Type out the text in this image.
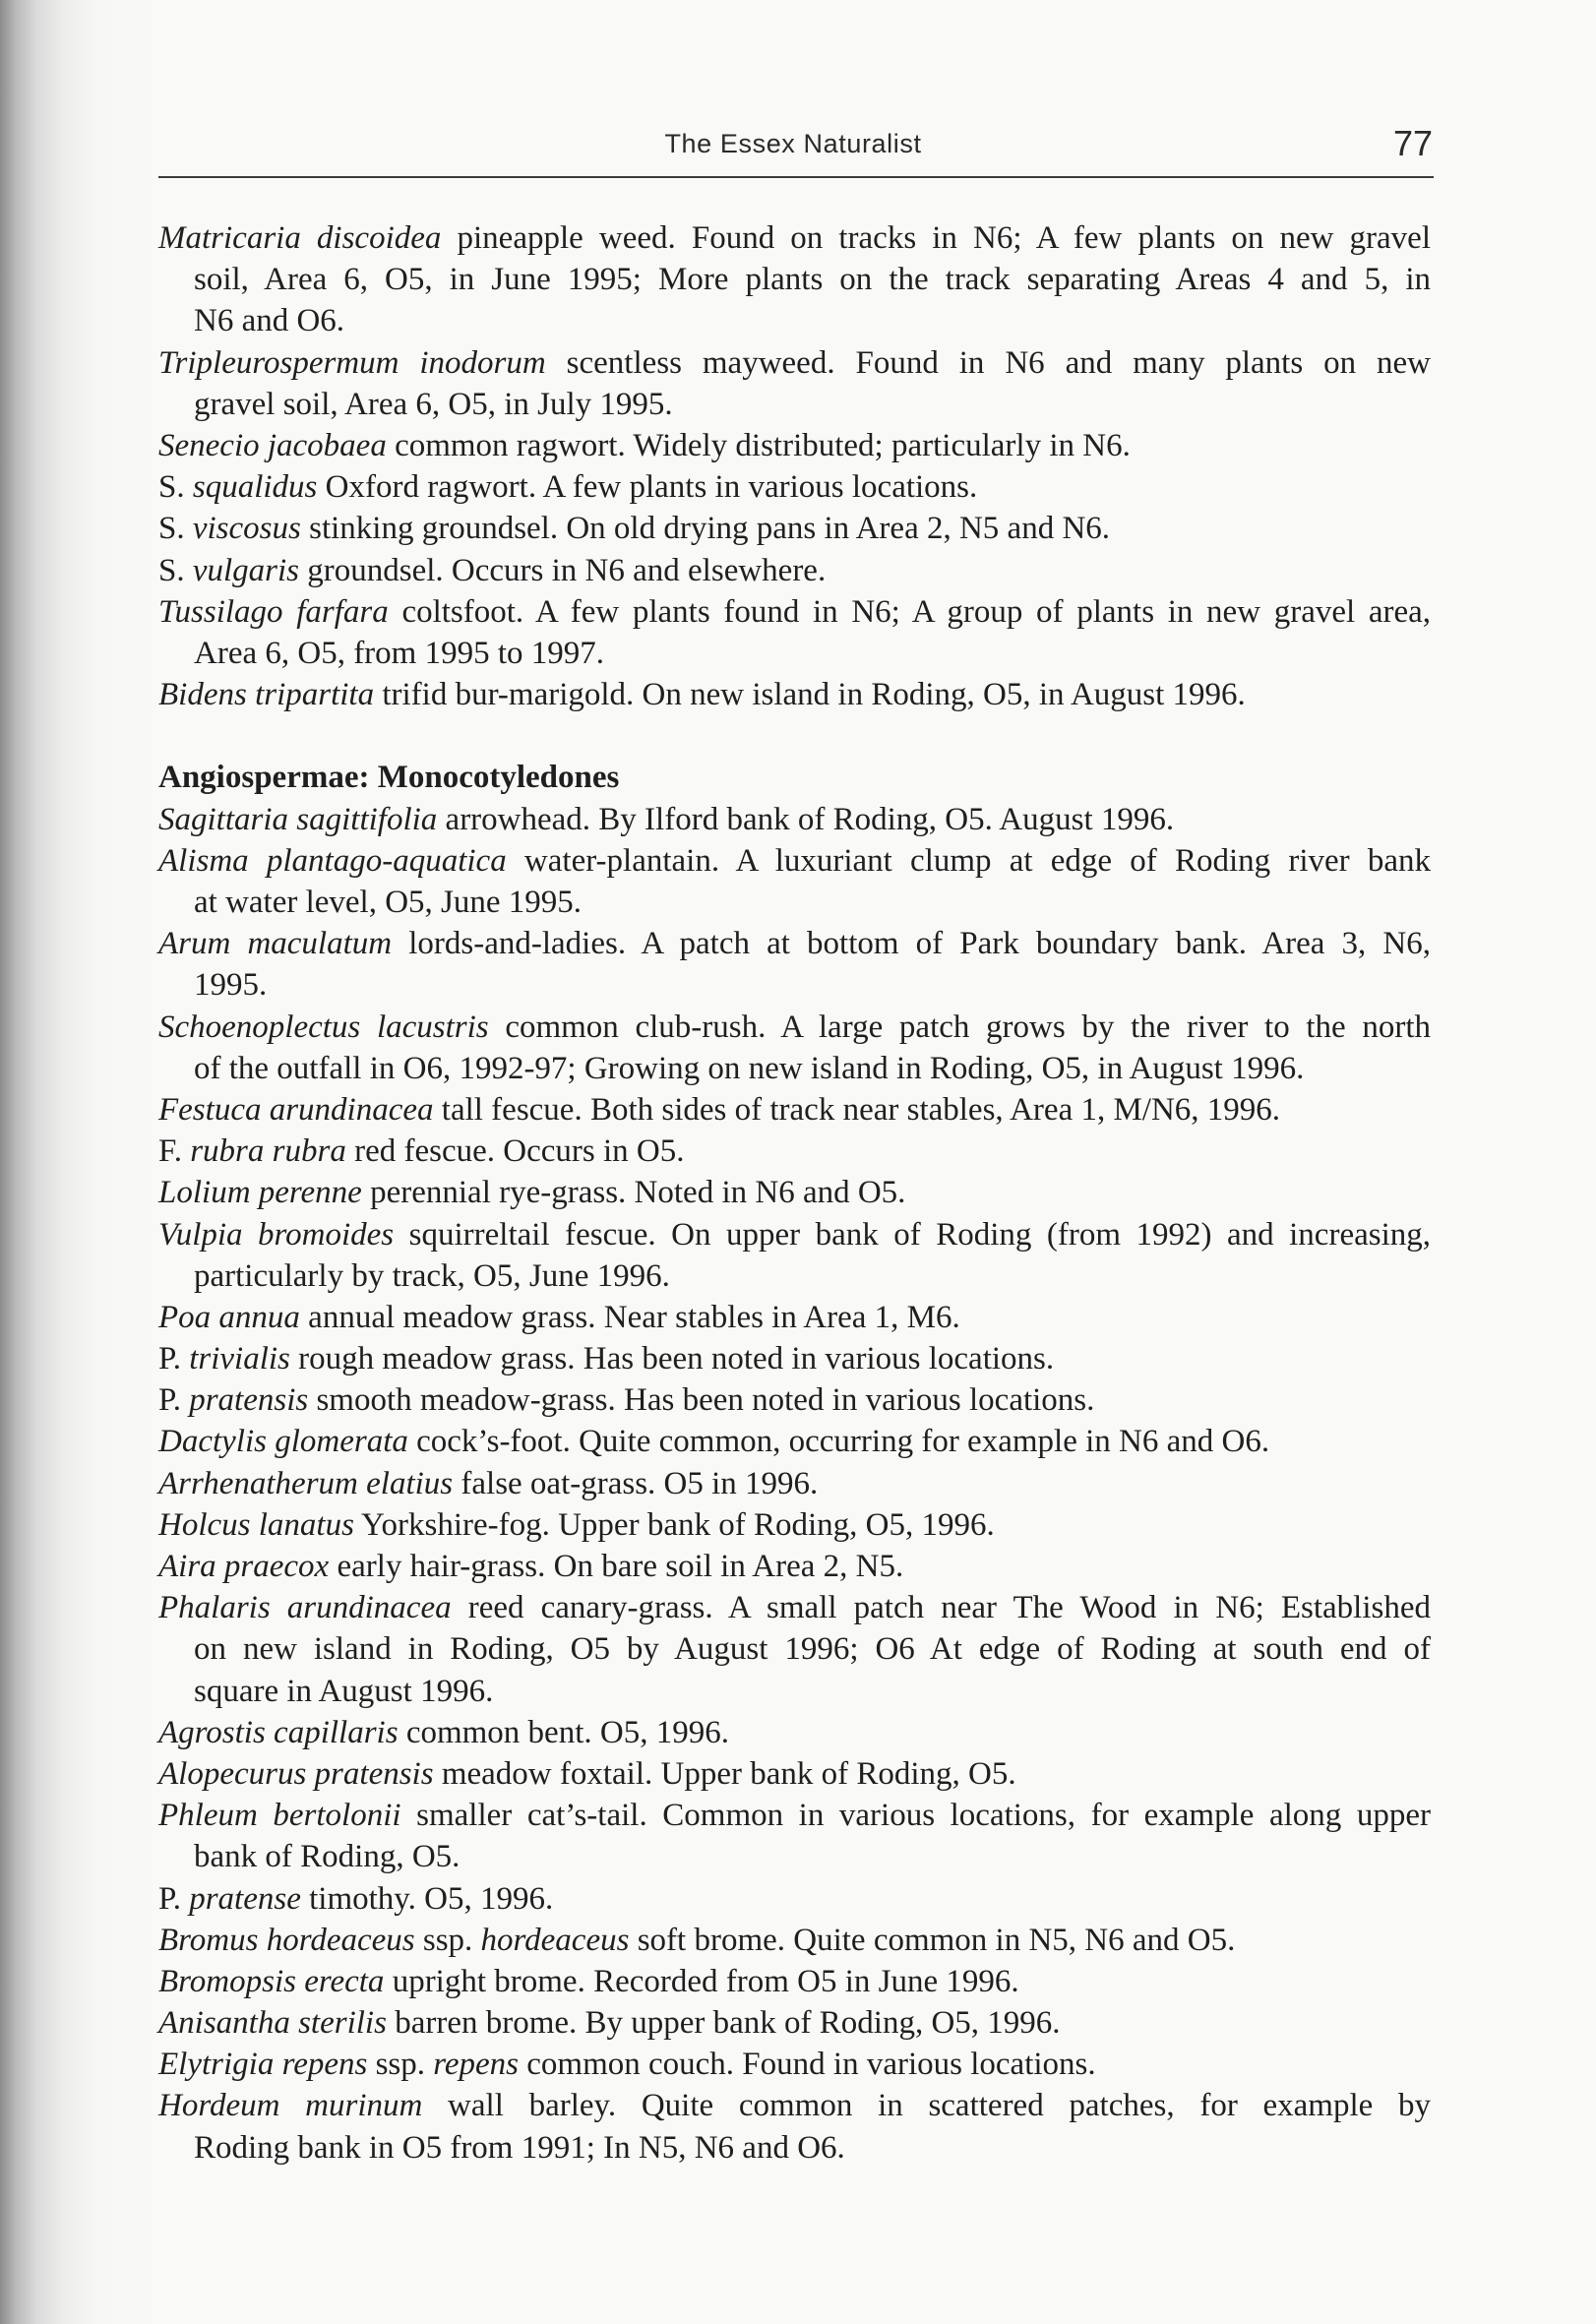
The Essex Naturalist	77
Matricaria discoidea pineapple weed. Found on tracks in N6; A few plants on new gravel
soil, Area 6, O5, in June 1995; More plants on the track separating Areas 4 and 5, in
N6 and O6.
Tripleurospermum inodorum scentless mayweed. Found in N6 and many plants on new
gravel soil, Area 6, O5, in July 1995.
Senecio jacobaea common ragwort. Widely distributed; particularly in N6.
S. squalidus Oxford ragwort. A few plants in various locations.
S. viscosus stinking groundsel. On old drying pans in Area 2, N5 and N6.
S. vulgaris groundsel. Occurs in N6 and elsewhere.
Tussilago farfara coltsfoot. A few plants found in N6; A group of plants in new gravel area,
Area 6, O5, from 1995 to 1997.
Bidens tripartita trifid bur-marigold. On new island in Roding, O5, in August 1996.
Angiospermae: Monocotyledones
Sagittaria sagittifolia arrowhead. By Ilford bank of Roding, O5. August 1996.
Alisma plantago-aquatica water-plantain. A luxuriant clump at edge of Roding river bank
at water level, O5, June 1995.
Arum maculatum lords-and-ladies. A patch at bottom of Park boundary bank. Area 3, N6,
1995.
Schoenoplectus lacustris common club-rush. A large patch grows by the river to the north
of the outfall in O6, 1992-97; Growing on new island in Roding, O5, in August 1996.
Festuca arundinacea tall fescue. Both sides of track near stables, Area 1, M/N6, 1996.
F. rubra rubra red fescue. Occurs in O5.
Lolium perenne perennial rye-grass. Noted in N6 and O5.
Vulpia bromoides squirreltail fescue. On upper bank of Roding (from 1992) and increasing,
particularly by track, O5, June 1996.
Poa annua annual meadow grass. Near stables in Area 1, M6.
P. trivialis rough meadow grass. Has been noted in various locations.
P. pratensis smooth meadow-grass. Has been noted in various locations.
Dactylis glomerata cock’s-foot. Quite common, occurring for example in N6 and O6.
Arrhenatherum elatius false oat-grass. O5 in 1996.
Holcus lanatus Yorkshire-fog. Upper bank of Roding, O5, 1996.
Aira praecox early hair-grass. On bare soil in Area 2, N5.
Phalaris arundinacea reed canary-grass. A small patch near The Wood in N6; Established
on new island in Roding, O5 by August 1996; O6 At edge of Roding at south end of
square in August 1996.
Agrostis capillaris common bent. O5, 1996.
Alopecurus pratensis meadow foxtail. Upper bank of Roding, O5.
Phleum bertolonii smaller cat’s-tail. Common in various locations, for example along upper
bank of Roding, O5.
P. pratense timothy. O5, 1996.
Bromus hordeaceus ssp. hordeaceus soft brome. Quite common in N5, N6 and O5.
Bromopsis erecta upright brome. Recorded from O5 in June 1996.
Anisantha sterilis barren brome. By upper bank of Roding, O5, 1996.
Elytrigia repens ssp. repens common couch. Found in various locations.
Hordeum murinum wall barley. Quite common in scattered patches, for example by
Roding bank in O5 from 1991; In N5, N6 and O6.
